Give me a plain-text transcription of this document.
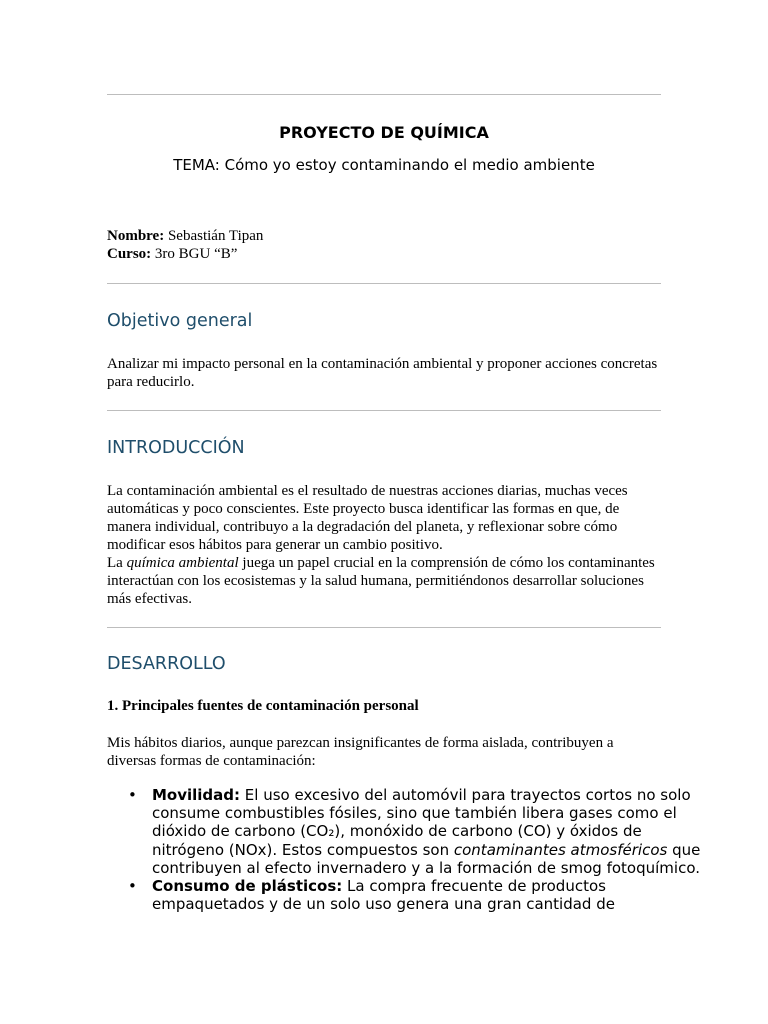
PROYECTO DE QUÍMICA
TEMA: Cómo yo estoy contaminando el medio ambiente
Nombre: Sebastián Tipan
Curso: 3ro BGU “B”
Objetivo general
Analizar mi impacto personal en la contaminación ambiental y proponer acciones concretas para reducirlo.
INTRODUCCIÓN
La contaminación ambiental es el resultado de nuestras acciones diarias, muchas veces automáticas y poco conscientes. Este proyecto busca identificar las formas en que, de manera individual, contribuyo a la degradación del planeta, y reflexionar sobre cómo modificar esos hábitos para generar un cambio positivo.
La química ambiental juega un papel crucial en la comprensión de cómo los contaminantes interactúan con los ecosistemas y la salud humana, permitiéndonos desarrollar soluciones más efectivas.
DESARROLLO
1. Principales fuentes de contaminación personal
Mis hábitos diarios, aunque parezcan insignificantes de forma aislada, contribuyen a diversas formas de contaminación:
• Movilidad: El uso excesivo del automóvil para trayectos cortos no solo consume combustibles fósiles, sino que también libera gases como el dióxido de carbono (CO₂), monóxido de carbono (CO) y óxidos de nitrógeno (NOx). Estos compuestos son contaminantes atmosféricos que contribuyen al efecto invernadero y a la formación de smog fotoquímico.
• Consumo de plásticos: La compra frecuente de productos empaquetados y de un solo uso genera una gran cantidad de
